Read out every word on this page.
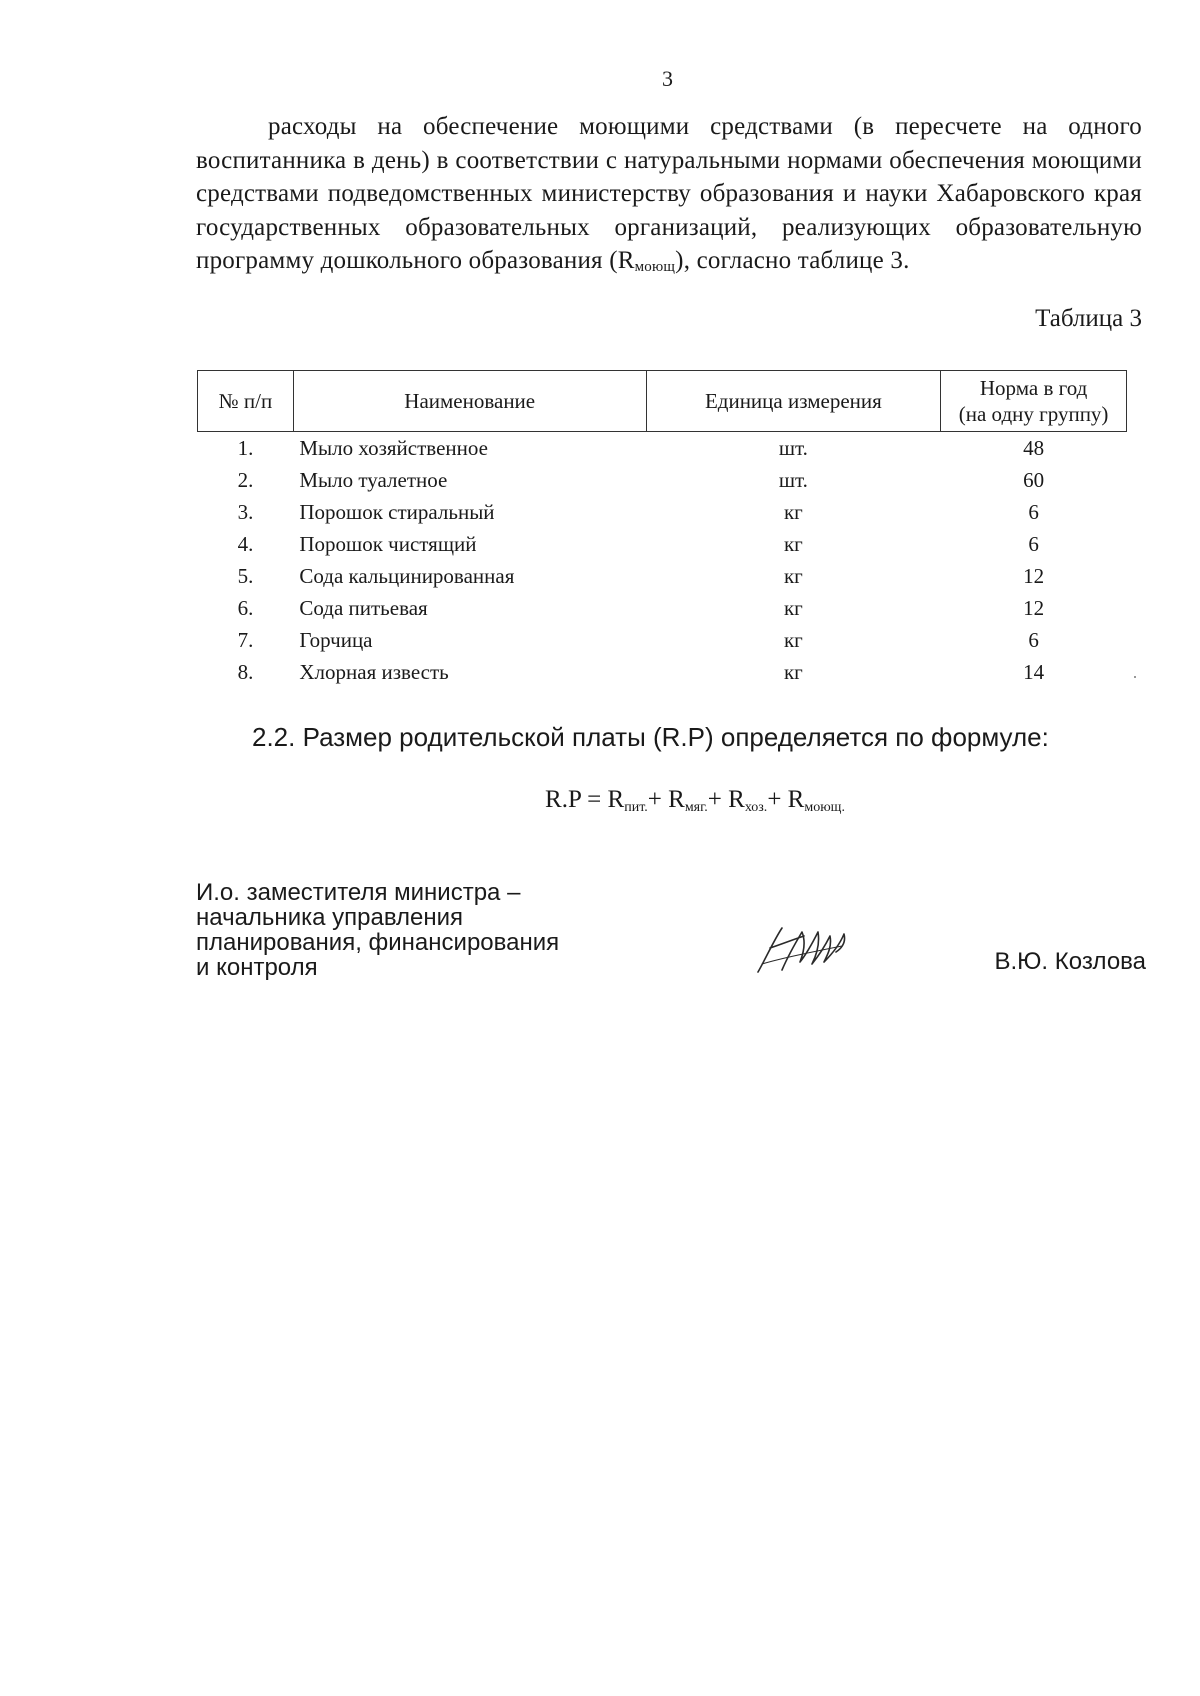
3
расходы на обеспечение моющими средствами (в пересчете на одного воспитанника в день) в соответствии с натуральными нормами обеспечения моющими средствами подведомственных министерству образования и науки Хабаровского края государственных образовательных организаций, реализующих образовательную программу дошкольного образования $(R_{моющ})$, согласно таблице 3.
Таблица 3
№ п/п	Наименование	Единица измерения	Норма в год
(на одну группу)
1.	Мыло хозяйственное	шт.	48
2.	Мыло туалетное	шт.	60
3.	Порошок стиральный	кг	6
4.	Порошок чистящий	кг	6
5.	Сода кальцинированная	кг	12
6.	Сода питьевая	кг	12
7.	Горчица	кг	6
8.	Хлорная известь	кг	14
2.2. Размер родительской платы (R.P) определяется по формуле:
$R.P = R_{пит.}+ R_{мяг.}+ R_{хоз.}+ R_{моющ.}$
И.о. заместителя министра –
начальника управления
планирования, финансирования
и контроля	В.Ю. Козлова
